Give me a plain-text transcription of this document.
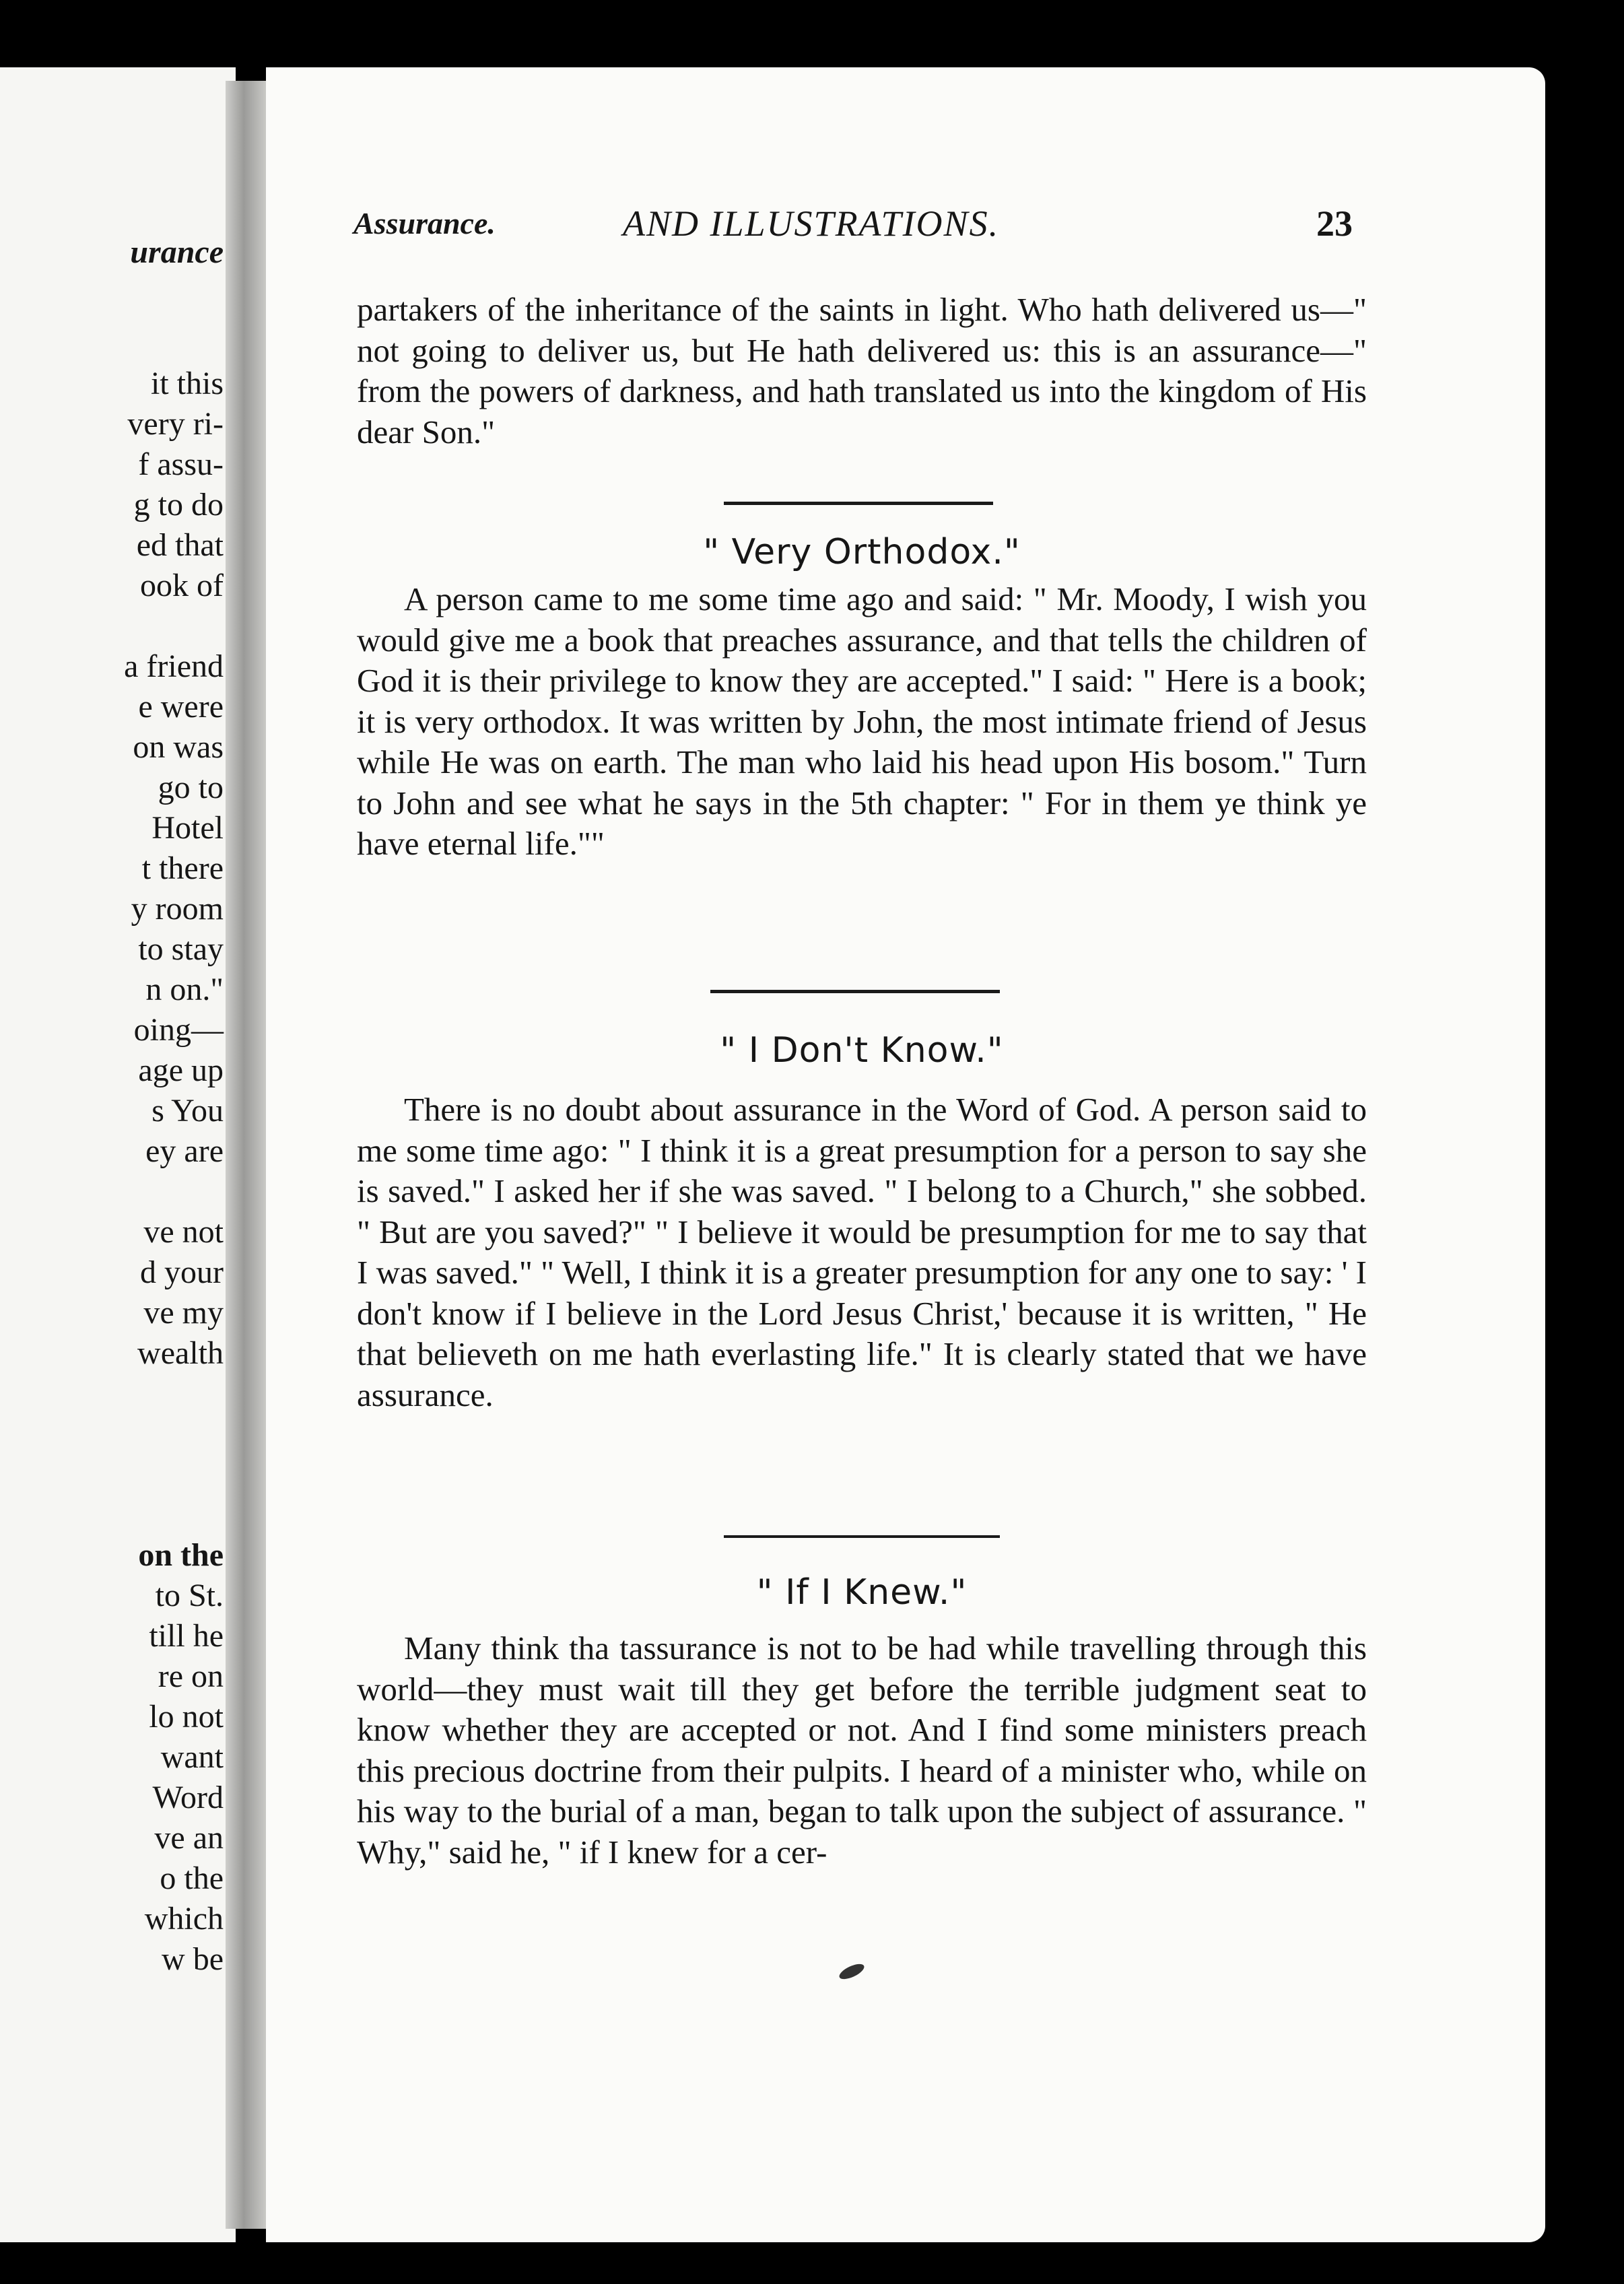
urance
it this
very ri-
f assu-
g to do
ed that
ook of
a friend
e were
on was
go to
Hotel
t there
y room
to stay
n on."
oing—
age up
s You
ey are
ve not
d your
ve my
wealth
on the
to St.
till he
re on
lo not
want
Word
ve an
o the
which
w be
Assurance.	AND ILLUSTRATIONS.	23

partakers of the inheritance of the saints in light. Who hath delivered us—" not going to deliver us, but He hath delivered us: this is an assurance—" from the powers of darkness, and hath translated us into the kingdom of His dear Son."

" Very Orthodox."

A person came to me some time ago and said: " Mr. Moody, I wish you would give me a book that preaches assurance, and that tells the children of God it is their privilege to know they are accepted." I said: " Here is a book; it is very orthodox. It was written by John, the most intimate friend of Jesus while He was on earth. The man who laid his head upon His bosom." Turn to John and see what he says in the 5th chapter: " For in them ye think ye have eternal life.""

" I Don't Know."

There is no doubt about assurance in the Word of God. A person said to me some time ago: " I think it is a great presumption for a person to say she is saved." I asked her if she was saved. " I belong to a Church," she sobbed. " But are you saved?" " I believe it would be presumption for me to say that I was saved." " Well, I think it is a greater presumption for any one to say: ' I don't know if I believe in the Lord Jesus Christ,' because it is written, " He that believeth on me hath everlasting life." It is clearly stated that we have assurance.

" If I Knew."

Many think tha tassurance is not to be had while travelling through this world—they must wait till they get before the terrible judgment seat to know whether they are accepted or not. And I find some ministers preach this precious doctrine from their pulpits. I heard of a minister who, while on his way to the burial of a man, began to talk upon the subject of assurance. " Why," said he, " if I knew for a cer-
